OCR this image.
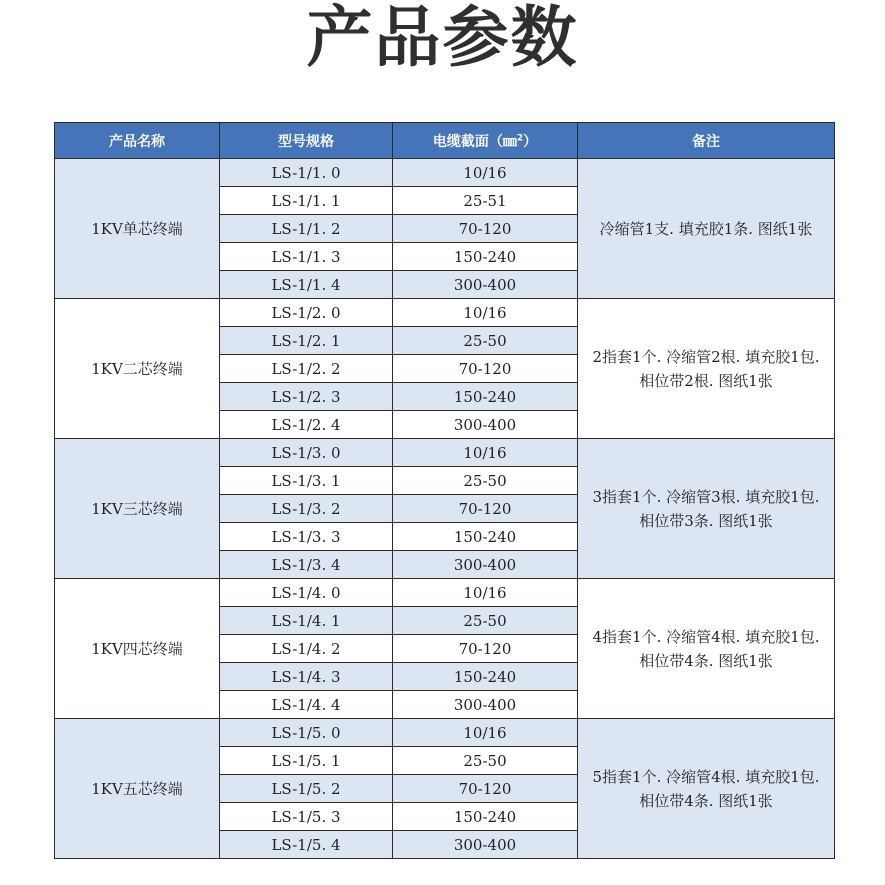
产品参数
产品名称	型号规格	电缆截面（㎜$^2$）	备注
1KV单芯终端	LS-1/1. 0	10/16	冷缩管1支. 填充胶1条. 图纸1张
	LS-1/1. 1	25-51	
	LS-1/1. 2	70-120	
	LS-1/1. 3	150-240	
	LS-1/1. 4	300-400	
1KV二芯终端	LS-1/2. 0	10/16	2指套1个. 冷缩管2根. 填充胶1包. 相位带2根. 图纸1张
	LS-1/2. 1	25-50	
	LS-1/2. 2	70-120	
	LS-1/2. 3	150-240	
	LS-1/2. 4	300-400	
1KV三芯终端	LS-1/3. 0	10/16	3指套1个. 冷缩管3根. 填充胶1包. 相位带3条. 图纸1张
	LS-1/3. 1	25-50	
	LS-1/3. 2	70-120	
	LS-1/3. 3	150-240	
	LS-1/3. 4	300-400	
1KV四芯终端	LS-1/4. 0	10/16	4指套1个. 冷缩管4根. 填充胶1包. 相位带4条. 图纸1张
	LS-1/4. 1	25-50	
	LS-1/4. 2	70-120	
	LS-1/4. 3	150-240	
	LS-1/4. 4	300-400	
1KV五芯终端	LS-1/5. 0	10/16	5指套1个. 冷缩管4根. 填充胶1包. 相位带4条. 图纸1张
	LS-1/5. 1	25-50	
	LS-1/5. 2	70-120	
	LS-1/5. 3	150-240	
	LS-1/5. 4	300-400	
